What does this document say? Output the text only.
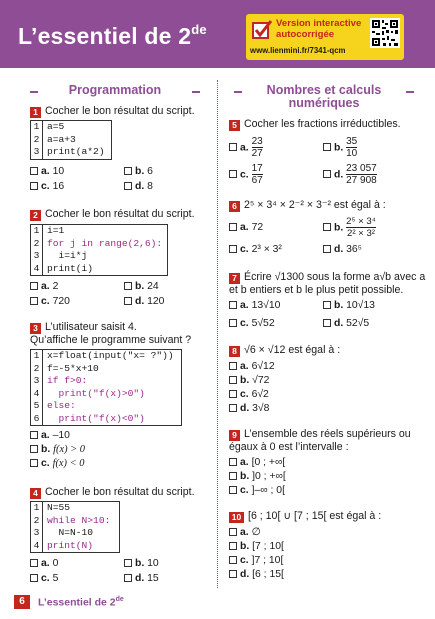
L’essentiel de 2de	Version interactive
autocorrigée
www.lienmini.fr/7341-qcm
Programmation	Nombres et calculs
numériques
1 Cocher le bon résultat du script.
1 a=5
2 a=a+3
3 print(a*2)
a. 10	b. 6
c. 16	d. 8
2 Cocher le bon résultat du script.
1 i=1
2 for j in range(2,6):
3 i=i*j
4 print(i)
a. 2	b. 24
c. 720	d. 120
3 L’utilisateur saisit 4.
Qu’affiche le programme suivant ?
1 x=float(input("x= ?"))
2 f=-5*x+10
3 if f>0:
4 print("f(x)>0")
5 else:
6 print("f(x)<0")
a. –10
b. f(x) > 0
c. f(x) < 0
4 Cocher le bon résultat du script.
1 N=55
2 while N>10:
3 N=N-10
4 print(N)
a. 0	b. 10
c. 5	d. 15
5 Cocher les fractions irréductibles.
a. $\frac{23}{27}$	b. $\frac{35}{10}$
c. $\frac{17}{67}$	d. $\frac{23 057}{27 908}$
6 2⁵ × 3⁴ × 2⁻² × 3⁻² est égal à :
a. 72	b. $\frac{\text{2⁵ × 3⁴}}{\text{2² × 3²}}$
c. 2³ × 3²	d. 36⁵
7 Écrire √1300 sous la forme a√b avec a
et b entiers et b le plus petit possible.
a. 13√10	b. 10√13
c. 5√52	d. 52√5
8 √6 × √12 est égal à :
a. 6√12
b. √72
c. 6√2
d. 3√8
9 L’ensemble des réels supérieurs ou
égaux à 0 est l’intervalle :
a. [0 ; +∞[
b. ]0 ; +∞[
c. ]–∞ ; 0[
10 [6 ; 10[ ∪ [7 ; 15[ est égal à :
a. ∅
b. [7 ; 10[
c. ]7 ; 10[
d. [6 ; 15[
6	L’essentiel de 2de
